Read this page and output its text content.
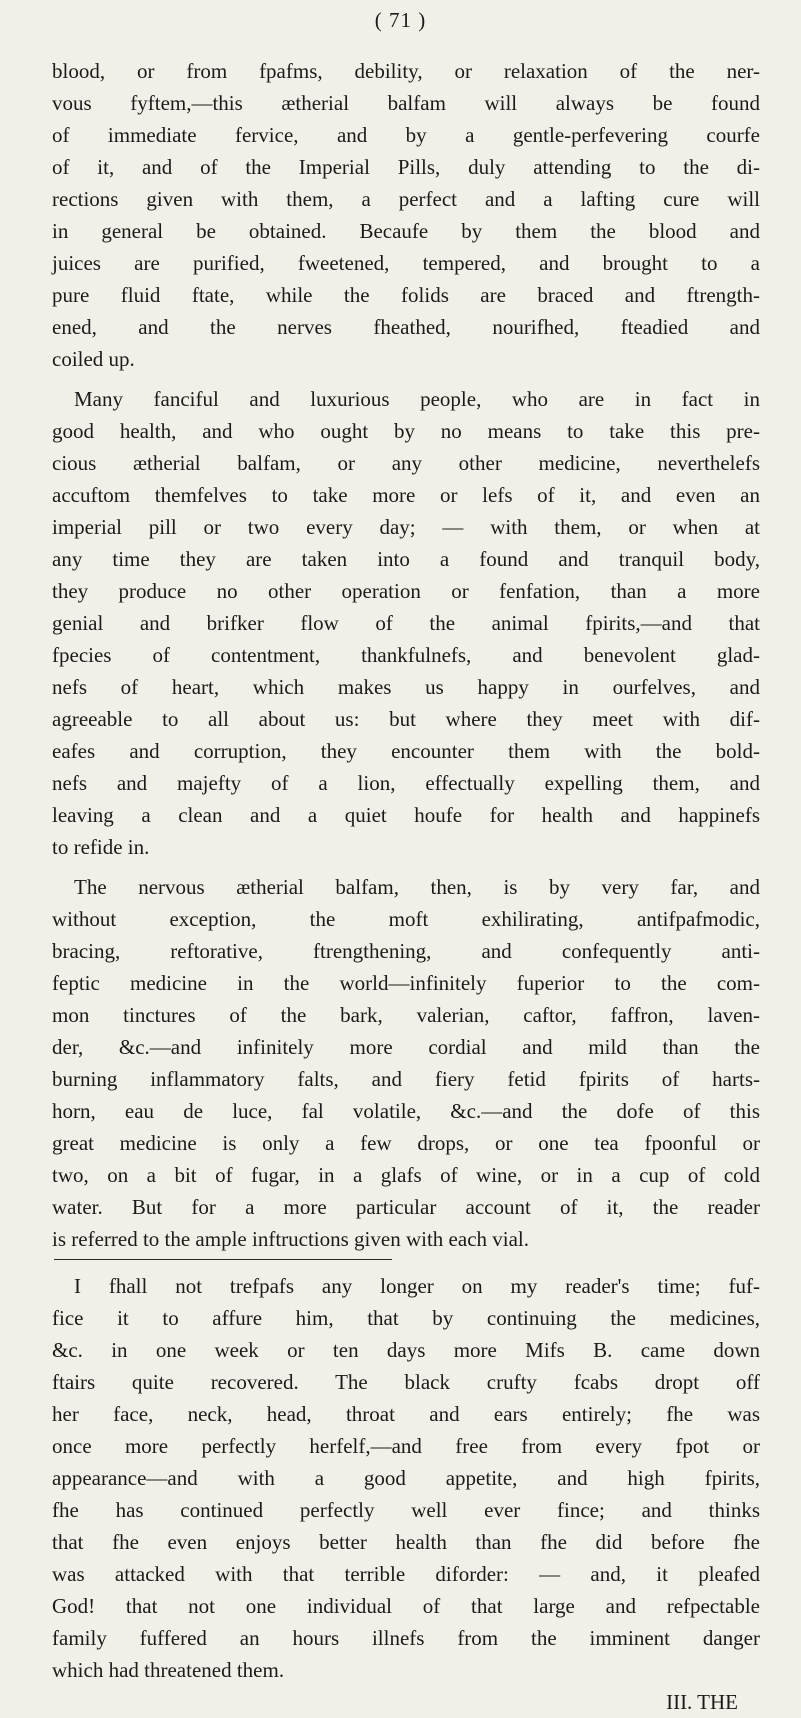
( 71 )
blood, or from fpafms, debility, or relaxation of the ner-
vous fyftem,—this ætherial balfam will always be found
of immediate fervice, and by a gentle-perfevering courfe
of it, and of the Imperial Pills, duly attending to the di-
rections given with them, a perfect and a lafting cure will
in general be obtained. Becaufe by them the blood and
juices are purified, fweetened, tempered, and brought to a
pure fluid ftate, while the folids are braced and ftrength-
ened, and the nerves fheathed, nourifhed, fteadied and
coiled up.
Many fanciful and luxurious people, who are in fact in
good health, and who ought by no means to take this pre-
cious ætherial balfam, or any other medicine, neverthelefs
accuftom themfelves to take more or lefs of it, and even an
imperial pill or two every day; — with them, or when at
any time they are taken into a found and tranquil body,
they produce no other operation or fenfation, than a more
genial and brifker flow of the animal fpirits,—and that
fpecies of contentment, thankfulnefs, and benevolent glad-
nefs of heart, which makes us happy in ourfelves, and
agreeable to all about us: but where they meet with dif-
eafes and corruption, they encounter them with the bold-
nefs and majefty of a lion, effectually expelling them, and
leaving a clean and a quiet houfe for health and happinefs
to refide in.
The nervous ætherial balfam, then, is by very far, and
without exception, the moft exhilirating, antifpafmodic,
bracing, reftorative, ftrengthening, and confequently anti-
feptic medicine in the world—infinitely fuperior to the com-
mon tinctures of the bark, valerian, caftor, faffron, laven-
der, &c.—and infinitely more cordial and mild than the
burning inflammatory falts, and fiery fetid fpirits of harts-
horn, eau de luce, fal volatile, &c.—and the dofe of this
great medicine is only a few drops, or one tea fpoonful or
two, on a bit of fugar, in a glafs of wine, or in a cup of cold
water. But for a more particular account of it, the reader
is referred to the ample inftructions given with each vial.
I fhall not trefpafs any longer on my reader's time; fuf-
fice it to affure him, that by continuing the medicines,
&c. in one week or ten days more Mifs B. came down
ftairs quite recovered. The black crufty fcabs dropt off
her face, neck, head, throat and ears entirely; fhe was
once more perfectly herfelf,—and free from every fpot or
appearance—and with a good appetite, and high fpirits,
fhe has continued perfectly well ever fince; and thinks
that fhe even enjoys better health than fhe did before fhe
was attacked with that terrible diforder: — and, it pleafed
God! that not one individual of that large and refpectable
family fuffered an hours illnefs from the imminent danger
which had threatened them.
III. THE
